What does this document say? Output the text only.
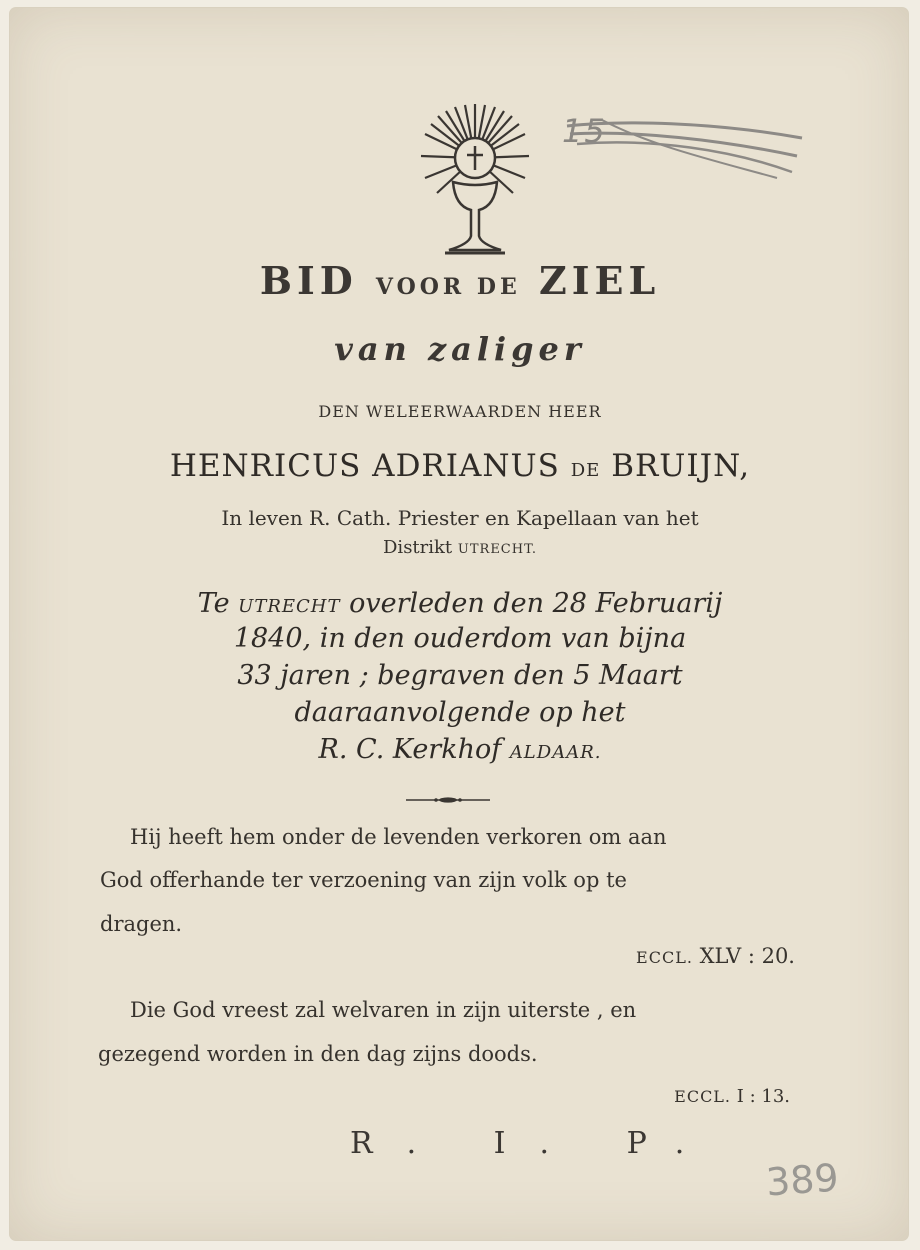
15
BID VOOR DE ZIEL
van zaliger
DEN WELEERWAARDEN HEER
HENRICUS ADRIANUS DE BRUIJN,
In leven R. Cath. Priester en Kapellaan van het
Distrikt UTRECHT.
Te UTRECHT overleden den 28 Februarij
1840, in den ouderdom van bijna
33 jaren ; begraven den 5 Maart
daaraanvolgende op het
R. C. Kerkhof ALDAAR.
Hij heeft hem onder de levenden verkoren om aan
God offerhande ter verzoening van zijn volk op te
dragen.
ECCL. XLV : 20.
Die God vreest zal welvaren in zijn uiterste , en
gezegend worden in den dag zijns doods.
ECCL. I : 13.
R. I. P.
389
